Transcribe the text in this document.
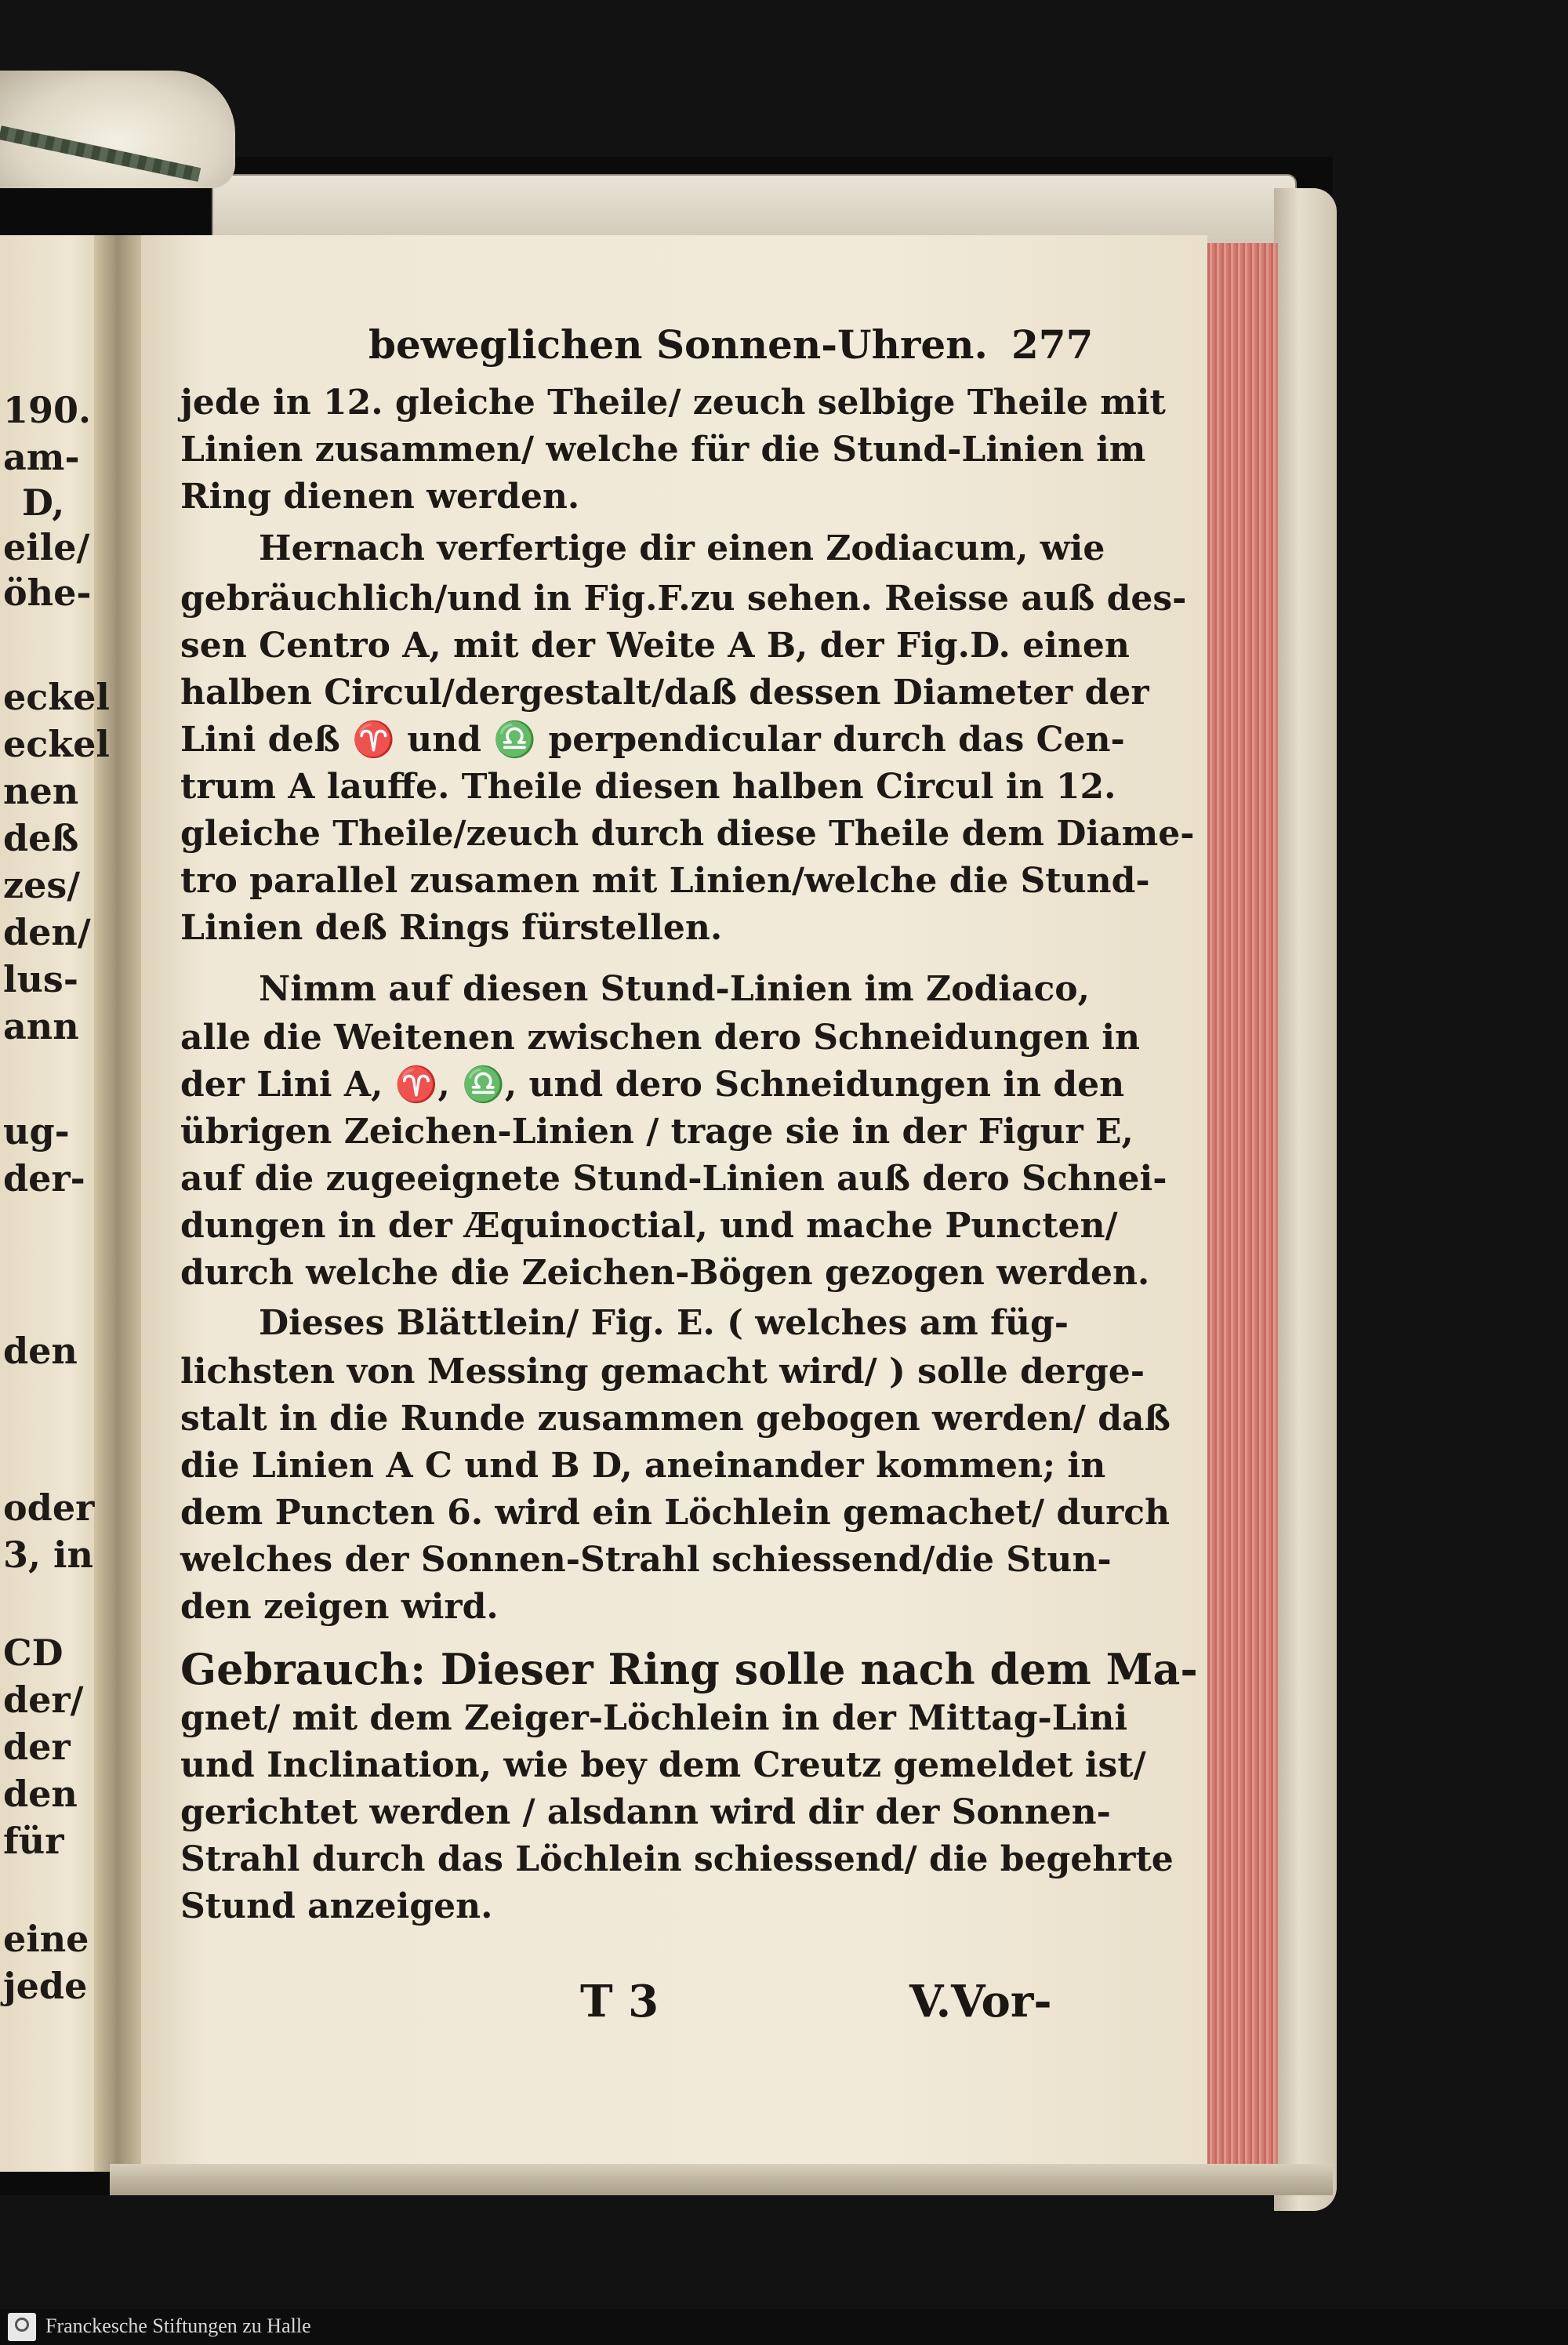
190.
am-
D,
eile/
öhe-
eckel
eckel
nen
deß
zes/
den/
lus-
ann
ug-
der-
den
oder
3, in
CD
der/
der
den
für
eine
jede
beweglichen Sonnen-Uhren. 277
jede in 12. gleiche Theile/ zeuch selbige Theile mit
Linien zusammen/ welche für die Stund-Linien im
Ring dienen werden.
Hernach verfertige dir einen Zodiacum, wie
gebräuchlich/und in Fig.F.zu sehen. Reisse auß des-
sen Centro A, mit der Weite A B, der Fig.D. einen
halben Circul/dergestalt/daß dessen Diameter der
Lini deß ♈ und ♎ perpendicular durch das Cen-
trum A lauffe. Theile diesen halben Circul in 12.
gleiche Theile/zeuch durch diese Theile dem Diame-
tro parallel zusamen mit Linien/welche die Stund-
Linien deß Rings fürstellen.
Nimm auf diesen Stund-Linien im Zodiaco,
alle die Weitenen zwischen dero Schneidungen in
der Lini A, ♈, ♎, und dero Schneidungen in den
übrigen Zeichen-Linien / trage sie in der Figur E,
auf die zugeeignete Stund-Linien auß dero Schnei-
dungen in der Æquinoctial, und mache Puncten/
durch welche die Zeichen-Bögen gezogen werden.
Dieses Blättlein/ Fig. E. ( welches am füg-
lichsten von Messing gemacht wird/ ) solle derge-
stalt in die Runde zusammen gebogen werden/ daß
die Linien A C und B D, aneinander kommen; in
dem Puncten 6. wird ein Löchlein gemachet/ durch
welches der Sonnen-Strahl schiessend/die Stun-
den zeigen wird.
Gebrauch: Dieser Ring solle nach dem Ma-
gnet/ mit dem Zeiger-Löchlein in der Mittag-Lini
und Inclination, wie bey dem Creutz gemeldet ist/
gerichtet werden / alsdann wird dir der Sonnen-
Strahl durch das Löchlein schiessend/ die begehrte
Stund anzeigen.
T 3	V.Vor-
Franckesche Stiftungen zu Halle
